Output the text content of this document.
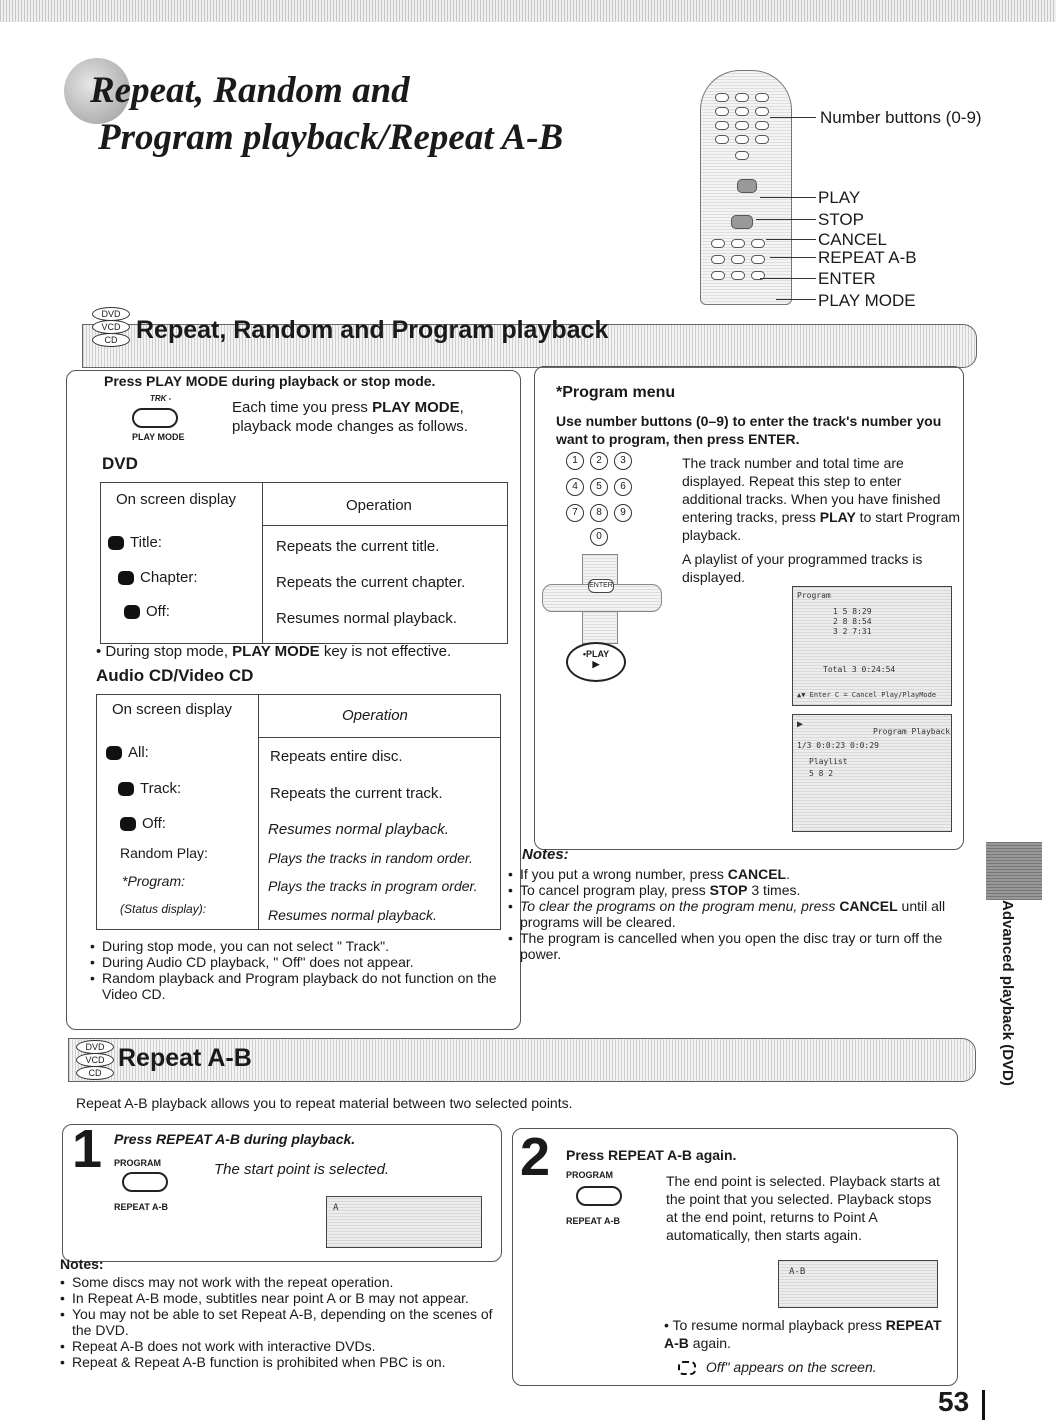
Repeat, Random and
Program playback/Repeat A-B	Number buttons (0-9)
PLAY
STOP
CANCEL
REPEAT A-B
ENTER
PLAY MODE
DVD
VCD
CD Repeat, Random and Program playback
Press PLAY MODE during playback or stop mode.
TRK -
PLAY MODE
Each time you press PLAY MODE, playback mode changes as follows.
DVD
On screen display	Operation
Title:	Repeats the current title.
Chapter:	Repeats the current chapter.
Off:	Resumes normal playback.
• During stop mode, PLAY MODE key is not effective.
Audio CD/Video CD
On screen display	Operation
All:	Repeats entire disc.
Track:	Repeats the current track.
Off:	Resumes normal playback.
Random Play:	Plays the tracks in random order.
*Program:	Plays the tracks in program order.
(Status display):	Resumes normal playback.
• During stop mode, you can not select " Track".
• During Audio CD playback, " Off" does not appear.
• Random playback and Program playback do not function on the Video CD.
*Program menu
Use number buttons (0–9) to enter the track's number you want to program, then press ENTER.
1	2	3
4	5	6
7	8	9
0
ENTER
•PLAY
▶
The track number and total time are displayed. Repeat this step to enter additional tracks. When you have finished entering tracks, press PLAY to start Program playback.
A playlist of your programmed tracks is displayed.
Program
1 5 8:29
2 8 8:54
3 2 7:31
Total 3 0:24:54
▲▼ Enter C = Cancel Play/PlayMode
▶
Program Playback
1/3 0:0:23 0:0:29
Playlist
5 8 2
Notes:
• If you put a wrong number, press CANCEL.
• To cancel program play, press STOP 3 times.
• To clear the programs on the program menu, press CANCEL until all programs will be cleared.
• The program is cancelled when you open the disc tray or turn off the power.	Advanced playback (DVD)
DVD
VCD
CD
Repeat A-B
Repeat A-B playback allows you to repeat material between two selected points.
1 Press REPEAT A-B during playback.
PROGRAM
REPEAT A-B
The start point is selected.
A
Notes:
• Some discs may not work with the repeat operation.
• In Repeat A-B mode, subtitles near point A or B may not appear.
• You may not be able to set Repeat A-B, depending on the scenes of the DVD.
• Repeat A-B does not work with interactive DVDs.
• Repeat & Repeat A-B function is prohibited when PBC is on.
2 Press REPEAT A-B again.
PROGRAM
REPEAT A-B
The end point is selected. Playback starts at the point that you selected. Playback stops at the end point, returns to Point A automatically, then starts again.
A-B
• To resume normal playback press REPEAT A-B again.
Off" appears on the screen.
53
